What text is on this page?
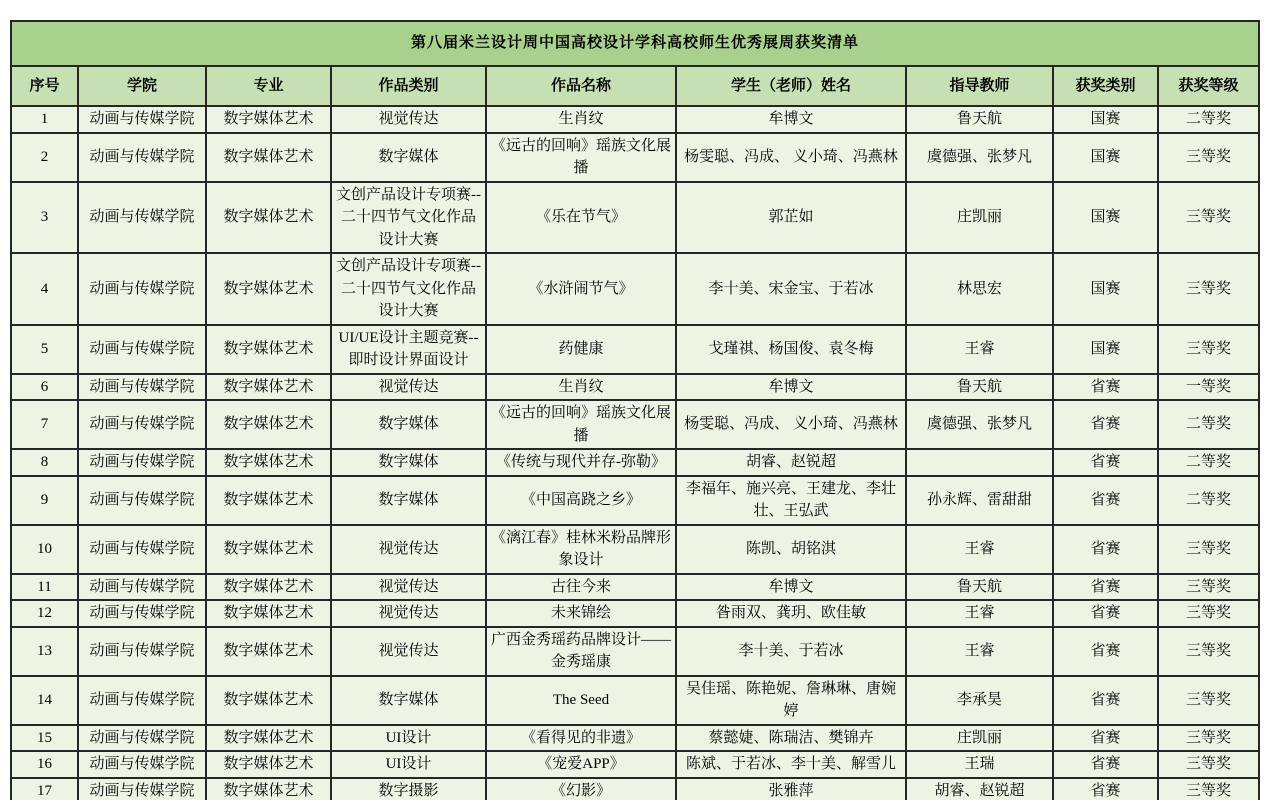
第八届米兰设计周中国高校设计学科高校师生优秀展周获奖清单								
序号	学院	专业	作品类别	作品名称	学生（老师）姓名	指导教师	获奖类别	获奖等级
1	动画与传媒学院	数字媒体艺术	视觉传达	生肖纹	牟博文	鲁天航	国赛	二等奖
2	动画与传媒学院	数字媒体艺术	数字媒体	《远古的回响》瑶族文化展播	杨雯聪、冯成、 义小琦、冯燕林	虞德强、张梦凡	国赛	三等奖
3	动画与传媒学院	数字媒体艺术	文创产品设计专项赛--二十四节气文化作品设计大赛	《乐在节气》	郭芷如	庄凯丽	国赛	三等奖
4	动画与传媒学院	数字媒体艺术	文创产品设计专项赛--二十四节气文化作品设计大赛	《水浒闹节气》	李十美、宋金宝、于若冰	林思宏	国赛	三等奖
5	动画与传媒学院	数字媒体艺术	UI/UE设计主题竞赛--即时设计界面设计	药健康	戈瑾祺、杨国俊、袁冬梅	王睿	国赛	三等奖
6	动画与传媒学院	数字媒体艺术	视觉传达	生肖纹	牟博文	鲁天航	省赛	一等奖
7	动画与传媒学院	数字媒体艺术	数字媒体	《远古的回响》瑶族文化展播	杨雯聪、冯成、 义小琦、冯燕林	虞德强、张梦凡	省赛	二等奖
8	动画与传媒学院	数字媒体艺术	数字媒体	《传统与现代并存-弥勒》	胡睿、赵锐超		省赛	二等奖
9	动画与传媒学院	数字媒体艺术	数字媒体	《中国高跷之乡》	李福年、施兴亮、王建龙、李壮壮、王弘武	孙永辉、雷甜甜	省赛	二等奖
10	动画与传媒学院	数字媒体艺术	视觉传达	《漓江春》桂林米粉品牌形象设计	陈凯、胡铭淇	王睿	省赛	三等奖
11	动画与传媒学院	数字媒体艺术	视觉传达	古往今来	牟博文	鲁天航	省赛	三等奖
12	动画与传媒学院	数字媒体艺术	视觉传达	未来锦绘	昝雨双、龚玥、欧佳敏	王睿	省赛	三等奖
13	动画与传媒学院	数字媒体艺术	视觉传达	广西金秀瑶药品牌设计——金秀瑶康	李十美、于若冰	王睿	省赛	三等奖
14	动画与传媒学院	数字媒体艺术	数字媒体	The Seed	吴佳瑶、陈艳妮、詹琳琳、唐婉婷	李承昊	省赛	三等奖
15	动画与传媒学院	数字媒体艺术	UI设计	《看得见的非遗》	蔡懿婕、陈瑞洁、樊锦卉	庄凯丽	省赛	三等奖
16	动画与传媒学院	数字媒体艺术	UI设计	《宠爱APP》	陈斌、于若冰、李十美、解雪儿	王瑞	省赛	三等奖
17	动画与传媒学院	数字媒体艺术	数字摄影	《幻影》	张雅萍	胡睿、赵锐超	省赛	三等奖
